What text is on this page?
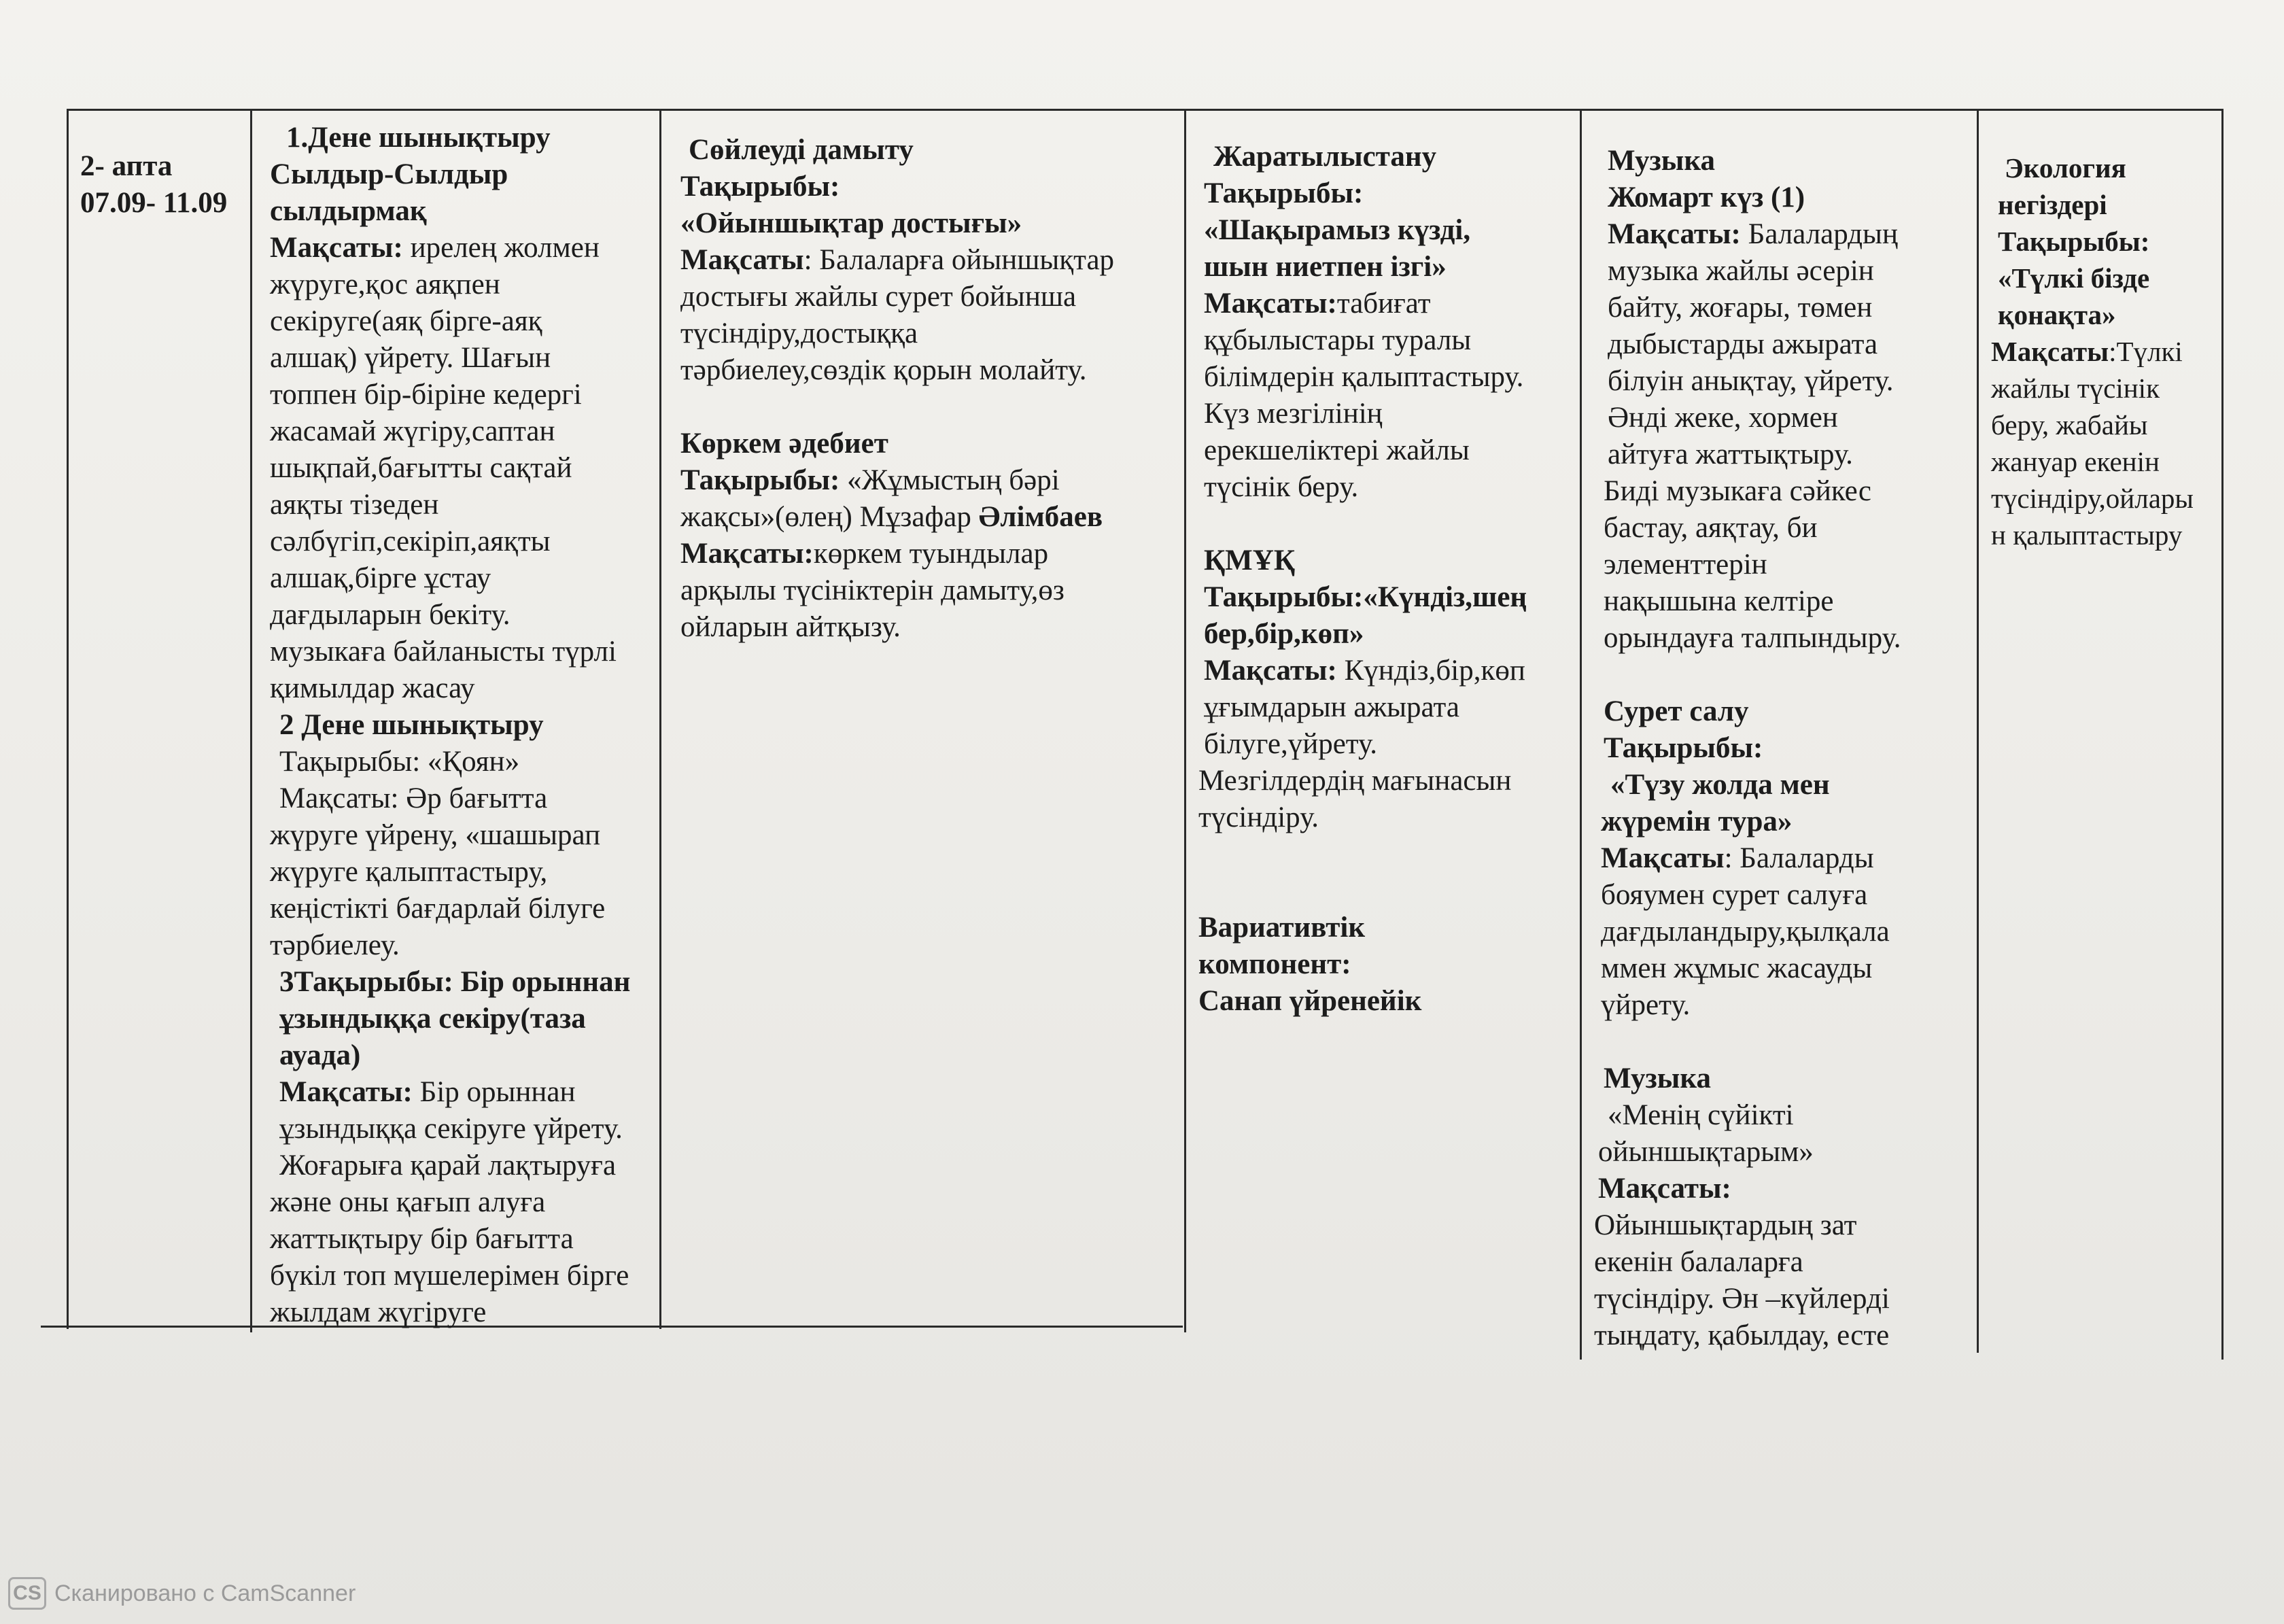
2- апта

07.09- 11.09

1.Дене шынықтыру

Сылдыр-Сылдыр

сылдырмақ

Мақсаты: ирелең жолмен

жүруге,қос аяқпен

секіруге(аяқ бірге-аяқ

алшақ) үйрету. Шағын

топпен бір-біріне кедергі

жасамай жүгіру,саптан

шықпай,бағытты сақтай

аяқты тізеден

сәлбүгіп,секіріп,аяқты

алшақ,бірге ұстау

дағдыларын бекіту.

музыкаға байланысты түрлі

қимылдар жасау

2 Дене шынықтыру

Тақырыбы: «Қоян»

Мақсаты: Әр бағытта

жүруге үйрену, «шашырап

жүруге қалыптастыру,

кеңістікті бағдарлай білуге

тәрбиелеу.

3Тақырыбы: Бір орыннан

ұзындыққа секіру(таза

ауада)

Мақсаты: Бір орыннан

ұзындыққа секіруге үйрету.

Жоғарыға қарай лақтыруға

және оны қағып алуға

жаттықтыру бір бағытта

бүкіл топ мүшелерімен бірге

жылдам жүгіруге

Сөйлеуді дамыту

Тақырыбы:

«Ойыншықтар достығы»

Мақсаты: Балаларға ойыншықтар

достығы жайлы сурет бойынша

түсіндіру,достыққа

тәрбиелеу,сөздік қорын молайту.

Көркем әдебиет

Тақырыбы: «Жұмыстың бәрі

жақсы»(өлең) Мұзафар Әлімбаев

Мақсаты:көркем туындылар

арқылы түсініктерін дамыту,өз

ойларын айтқызу.

Жаратылыстану

Тақырыбы:

«Шақырамыз күзді,

шын ниетпен ізгі»

Мақсаты:табиғат

құбылыстары туралы

білімдерін қалыптастыру.

Күз мезгілінің

ерекшеліктері жайлы

түсінік беру.

ҚМҰҚ

Тақырыбы:«Күндіз,шең

бер,бір,көп»

Мақсаты: Күндіз,бір,көп

ұғымдарын ажырата

білуге,үйрету.

Мезгілдердің мағынасын

түсіндіру.

Вариативтік

компонент:

Санап үйренейік

Музыка

Жомарт күз (1)

Мақсаты: Балалардың

музыка жайлы әсерін

байту, жоғары, төмен

дыбыстарды ажырата

білуін анықтау, үйрету.

Әнді жеке, хормен

айтуға жаттықтыру.

Биді музыкаға сәйкес

бастау, аяқтау, би

элементтерін

нақышына келтіре

орындауға талпындыру.

Сурет салу

Тақырыбы:

«Түзу жолда мен

жүремін тура»

Мақсаты: Балаларды

бояумен сурет салуға

дағдыландыру,қылқала

ммен жұмыс жасауды

үйрету.

Музыка

«Менің сүйікті

ойыншықтарым»

Мақсаты:

Ойыншықтардың зат

екенін балаларға

түсіндіру. Ән –күйлерді

тыңдату, қабылдау, есте

Экология

негіздері

Тақырыбы:

«Түлкі бізде

қонақта»

Мақсаты:Түлкі

жайлы түсінік

беру, жабайы

жануар екенін

түсіндіру,ойлары

н қалыптастыру

CS Сканировано с CamScanner
